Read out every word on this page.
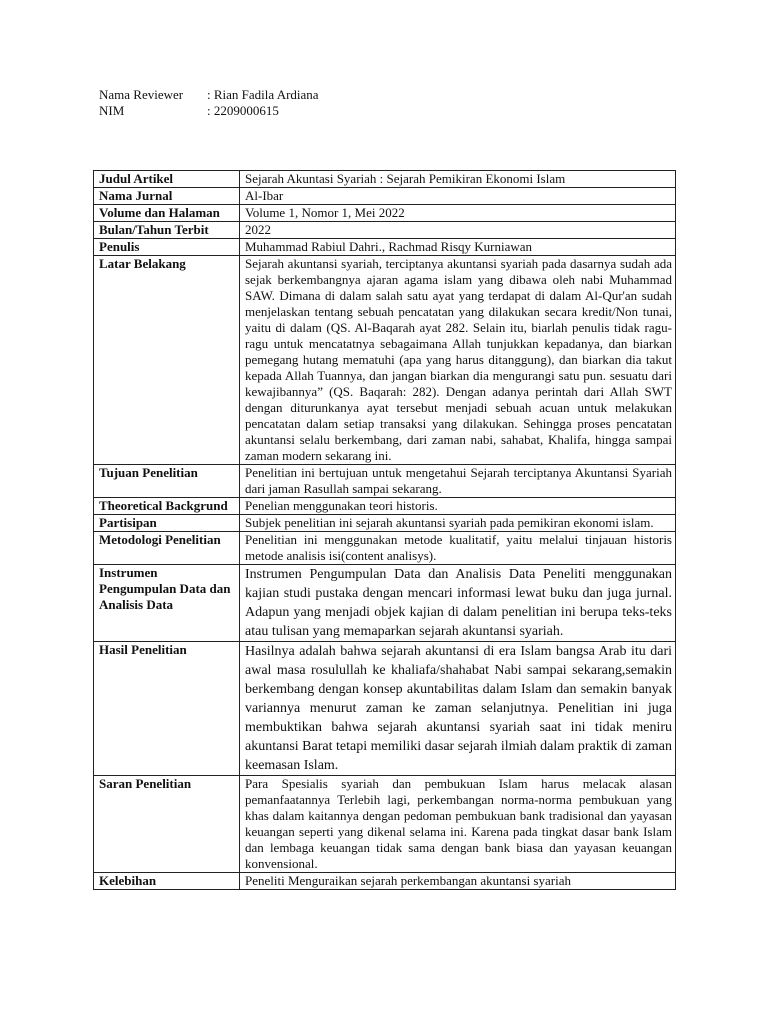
Nama Reviewer	: Rian Fadila Ardiana
NIM	: 2209000615
Judul Artikel	Sejarah Akuntasi Syariah : Sejarah Pemikiran Ekonomi Islam
Nama Jurnal	Al-Ibar
Volume dan Halaman	Volume 1, Nomor 1, Mei 2022
Bulan/Tahun Terbit	2022
Penulis	Muhammad Rabiul Dahri., Rachmad Risqy Kurniawan
Latar Belakang	Sejarah akuntansi syariah, terciptanya akuntansi syariah pada dasarnya sudah ada sejak berkembangnya ajaran agama islam yang dibawa oleh nabi Muhammad SAW. Dimana di dalam salah satu ayat yang terdapat di dalam Al-Qur'an sudah menjelaskan tentang sebuah pencatatan yang dilakukan secara kredit/Non tunai, yaitu di dalam (QS. Al-Baqarah ayat 282. Selain itu, biarlah penulis tidak ragu-ragu untuk mencatatnya sebagaimana Allah tunjukkan kepadanya, dan biarkan pemegang hutang mematuhi (apa yang harus ditanggung), dan biarkan dia takut kepada Allah Tuannya, dan jangan biarkan dia mengurangi satu pun. sesuatu dari kewajibannya” (QS. Baqarah: 282). Dengan adanya perintah dari Allah SWT dengan diturunkanya ayat tersebut menjadi sebuah acuan untuk melakukan pencatatan dalam setiap transaksi yang dilakukan. Sehingga proses pencatatan akuntansi selalu berkembang, dari zaman nabi, sahabat, Khalifa, hingga sampai zaman modern sekarang ini.
Tujuan Penelitian	Penelitian ini bertujuan untuk mengetahui Sejarah terciptanya Akuntansi Syariah dari jaman Rasullah sampai sekarang.
Theoretical Backgrund	Penelian menggunakan teori historis.
Partisipan	Subjek penelitian ini sejarah akuntansi syariah pada pemikiran ekonomi islam.
Metodologi Penelitian	Penelitian ini menggunakan metode kualitatif, yaitu melalui tinjauan historis metode analisis isi(content analisys).
Instrumen Pengumpulan Data dan Analisis Data	Instrumen Pengumpulan Data dan Analisis Data Peneliti menggunakan kajian studi pustaka dengan mencari informasi lewat buku dan juga jurnal. Adapun yang menjadi objek kajian di dalam penelitian ini berupa teks-teks atau tulisan yang memaparkan sejarah akuntansi syariah.
Hasil Penelitian	Hasilnya adalah bahwa sejarah akuntansi di era Islam bangsa Arab itu dari awal masa rosulullah ke khaliafa/shahabat Nabi sampai sekarang,semakin berkembang dengan konsep akuntabilitas dalam Islam dan semakin banyak variannya menurut zaman ke zaman selanjutnya. Penelitian ini juga membuktikan bahwa sejarah akuntansi syariah saat ini tidak meniru akuntansi Barat tetapi memiliki dasar sejarah ilmiah dalam praktik di zaman keemasan Islam.
Saran Penelitian	Para Spesialis syariah dan pembukuan Islam harus melacak alasan pemanfaatannya Terlebih lagi, perkembangan norma-norma pembukuan yang khas dalam kaitannya dengan pedoman pembukuan bank tradisional dan yayasan keuangan seperti yang dikenal selama ini. Karena pada tingkat dasar bank Islam dan lembaga keuangan tidak sama dengan bank biasa dan yayasan keuangan konvensional.
Kelebihan	Peneliti Menguraikan sejarah perkembangan akuntansi syariah
